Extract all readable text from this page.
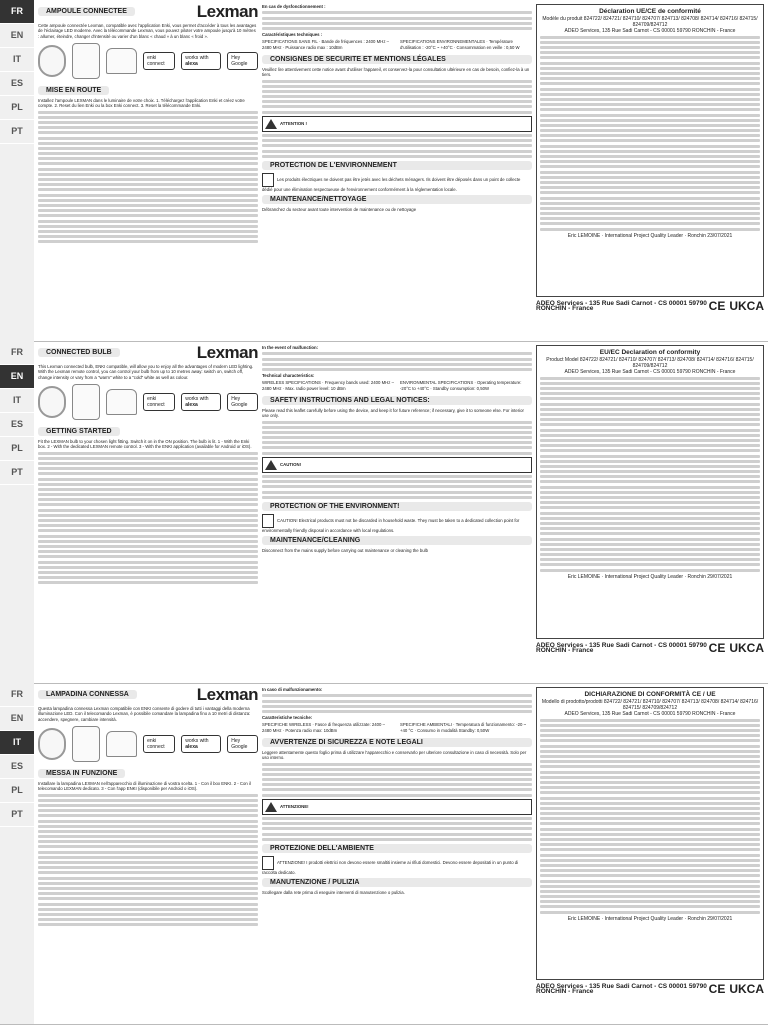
FR
EN
IT
ES
PL
PT
AMPOULE CONNECTEE	Lexman

Cette ampoule connectée Lexman, compatible avec l'application Enki, vous permet d'accéder à tous les avantages de l'éclairage LED moderne. Avec la télécommande Lexman, vous pouvez piloter votre ampoule jusqu'à 10 mètres : allumer, éteindre, changer d'intensité ou varier d'un blanc « chaud » à un blanc « froid ».

enki connect
works with alexa
Hey Google
MISE EN ROUTE

Installez l'ampoule LEXMAN dans le luminaire de votre choix. 1. Téléchargez l'application Enki et créez votre compte. 2. Reset du lien Enki ou la box Enki connect. 3. Reset la télécommande Enki.

En cas de dysfonctionnement :

Caractéristiques techniques :

SPECIFICATIONS SANS FIL · Bande de fréquences : 2400 MHz – 2480 MHz · Puissance radio max : 10dBm

SPECIFICATIONS ENVIRONNEMENTALES · Température d'utilisation : -20°C ~ +40°C · Consommation en veille : 0,50 W

CONSIGNES DE SECURITE ET MENTIONS LÉGALES

Veuillez lire attentivement cette notice avant d'utiliser l'appareil, et conservez-la pour consultation ultérieure en cas de besoin, confiez-la à un tiers.

ATTENTION !
PROTECTION DE L'ENVIRONNEMENT

Les produits électriques ne doivent pas être jetés avec les déchets ménagers. Ils doivent être déposés dans un point de collecte dédié pour une élimination respectueuse de l'environnement conformément à la réglementation locale.

MAINTENANCE/NETTOYAGE

Débranchez du secteur avant toute intervention de maintenance ou de nettoyage

Déclaration UE/CE de conformité
Modèle du produit 824722/ 824721/ 824710/ 824707/ 824713/ 824708/ 824714/ 824716/ 824715/ 824709/824712
ADEO Services, 135 Rue Sadi Carnot - CS 00001 59790 RONCHIN - France
Eric LEMOINE · International Project Quality Leader · Ronchin 23/07/2021
ADEO Services - 135 Rue Sadi Carnot - CS 00001 59790 RONCHIN - France	CE UKCA
FR
EN
IT
ES
PL
PT
CONNECTED BULB	Lexman

This Lexman connected bulb, ENKI compatible, will allow you to enjoy all the advantages of modern LED lighting. With the Lexman remote control, you can control your bulb from up to 10 metres away: switch on, switch off, change intensity or vary from a "warm" white to a "cold" white as well as colour.

enki connect
works with alexa
Hey Google
GETTING STARTED

Fit the LEXMAN bulb to your chosen light fitting. Switch it on in the ON position. The bulb is lit. 1 - With the Enki box. 2 - With the dedicated LEXMAN remote control. 3 - With the ENKI application (available for Android or iOS).

In the event of malfunction:

Technical characteristics:

WIRELESS SPECIFICATIONS · Frequency bands used: 2400 MHz – 2480 MHz · Max. radio power level: 10 dBm

ENVIRONMENTAL SPECIFICATIONS · Operating temperature: -20°C to +40°C · Standby consumption: 0,50W

SAFETY INSTRUCTIONS AND LEGAL NOTICES:

Please read this leaflet carefully before using the device, and keep it for future reference; if necessary, give it to someone else. For interior use only.

CAUTION!
PROTECTION OF THE ENVIRONMENT!

CAUTION! Electrical products must not be discarded in household waste. They must be taken to a dedicated collection point for environmentally friendly disposal in accordance with local regulations.

MAINTENANCE/CLEANING

Disconnect from the mains supply before carrying out maintenance or cleaning the bulb

EU/EC Declaration of conformity
Product Model 824722/ 824721/ 824710/ 824707/ 824713/ 824708/ 824714/ 824716/ 824715/ 824709/824712
ADEO Services, 135 Rue Sadi Carnot - CS 00001 59790 RONCHIN - France
Eric LEMOINE · International Project Quality Leader · Ronchin 29/07/2021
ADEO Services - 135 Rue Sadi Carnot - CS 00001 59790 RONCHIN - France	CE UKCA
FR
EN
IT
ES
PL
PT
LAMPADINA CONNESSA	Lexman

Questa lampadina connessa Lexman compatibile con ENKI consente di godere di tutti i vantaggi della moderna illuminazione LED. Con il telecomando Lexman, è possibile comandare la lampadina fino a 10 metri di distanza: accendere, spegnere, cambiare intensità.

enki connect
works with alexa
Hey Google
MESSA IN FUNZIONE

Installare la lampadina LEXMAN nell'apparecchio di illuminazione di vostra scelta. 1 - Con il box ENKI. 2 - Con il telecomando LEXMAN dedicato. 3 - Con l'app ENKI (disponibile per Android o iOS).

In caso di malfunzionamento:

Caratteristiche tecniche:

SPECIFICHE WIRELESS · Fasce di frequenza utilizzate: 2400 – 2480 MHz · Potenza radio max: 10dBm

SPECIFICHE AMBIENTALI · Temperatura di funzionamento: -20 ~ +40 °C · Consumo in modalità Standby: 0,50W

AVVERTENZE DI SICUREZZA E NOTE LEGALI

Leggere attentamente questo foglio prima di utilizzare l'apparecchio e conservarlo per ulteriore consultazione in caso di necessità. Solo per uso interno.

ATTENZIONE!
PROTEZIONE DELL'AMBIENTE

ATTENZIONE! I prodotti elettrici non devono essere smaltiti insieme ai rifiuti domestici. Devono essere depositati in un punto di raccolta dedicato.

MANUTENZIONE / PULIZIA

Scollegare dalla rete prima di eseguire interventi di manutenzione o pulizia.

DICHIARAZIONE DI CONFORMITÀ CE / UE
Modello di prodotto/prodotti 824722/ 824721/ 824710/ 824707/ 824713/ 824708/ 824714/ 824716/ 824715/ 824709/824712
ADEO Services, 135 Rue Sadi Carnot - CS 00001 59790 RONCHIN - France
Eric LEMOINE · International Project Quality Leader · Ronchin 29/07/2021
ADEO Services - 135 Rue Sadi Carnot - CS 00001 59790 RONCHIN - France	CE UKCA
